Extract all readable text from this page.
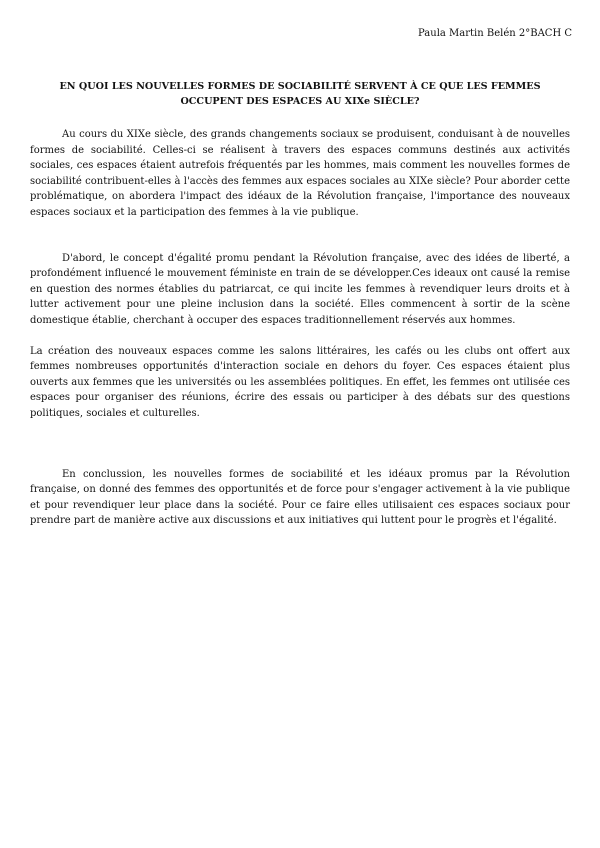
Paula Martin Belén 2°BACH C
EN QUOI LES NOUVELLES FORMES DE SOCIABILITÉ SERVENT À CE QUE LES FEMMES OCCUPENT DES ESPACES AU XIXe SIÈCLE?

Au cours du XIXe siècle, des grands changements sociaux se produisent, conduisant à de nouvelles formes de sociabilité. Celles-ci se réalisent à travers des espaces communs destinés aux activités sociales, ces espaces étaient autrefois fréquentés par les hommes, mais comment les nouvelles formes de sociabilité contribuent-elles à l'accès des femmes aux espaces sociales au XIXe siècle? Pour aborder cette problématique, on abordera l'impact des idéaux de la Révolution française, l'importance des nouveaux espaces sociaux et la participation des femmes à la vie publique.

D'abord, le concept d'égalité promu pendant la Révolution française, avec des idées de liberté, a profondément influencé le mouvement féministe en train de se développer.Ces ideaux ont causé la remise en question des normes établies du patriarcat, ce qui incite les femmes à revendiquer leurs droits et à lutter activement pour une pleine inclusion dans la société. Elles commencent à sortir de la scène domestique établie, cherchant à occuper des espaces traditionnellement réservés aux hommes.

La création des nouveaux espaces comme les salons littéraires, les cafés ou les clubs ont offert aux femmes nombreuses opportunités d'interaction sociale en dehors du foyer. Ces espaces étaient plus ouverts aux femmes que les universités ou les assemblées politiques. En effet, les femmes ont utilisée ces espaces pour organiser des réunions, écrire des essais ou participer à des débats sur des questions politiques, sociales et culturelles.

En conclussion, les nouvelles formes de sociabilité et les idéaux promus par la Révolution française, on donné des femmes des opportunités et de force pour s'engager activement à la vie publique et pour revendiquer leur place dans la société. Pour ce faire elles utilisaient ces espaces sociaux pour prendre part de manière active aux discussions et aux initiatives qui luttent pour le progrès et l'égalité.
